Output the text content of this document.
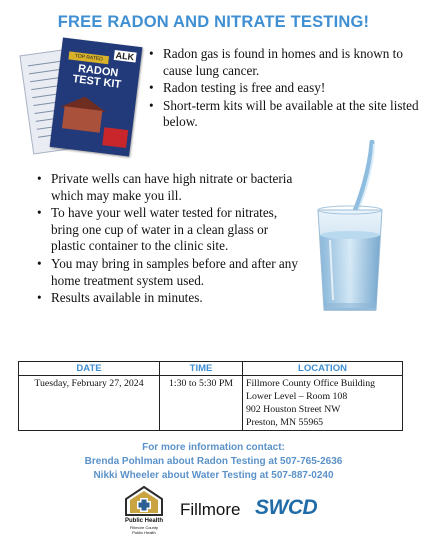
FREE RADON AND NITRATE TESTING!
ALK
TOP RATED
RADON TEST KIT
• Radon gas is found in homes and is known to cause lung cancer.
• Radon testing is free and easy!
• Short-term kits will be available at the site listed below.
• Private wells can have high nitrate or bacteria which may make you ill.
• To have your well water tested for nitrates, bring one cup of water in a clean glass or plastic container to the clinic site.
• You may bring in samples before and after any home treatment system used.
• Results available in minutes.
DATE	TIME	LOCATION
Tuesday, February 27, 2024	1:30 to 5:30 PM	Fillmore County Office Building
Lower Level – Room 108
902 Houston Street NW
Preston, MN 55965
For more information contact:
Brenda Pohlman about Radon Testing at 507-765-2636
Nikki Wheeler about Water Testing at 507-887-0240
Public Health
Fillmore County
Public Health
Fillmore SWCD
